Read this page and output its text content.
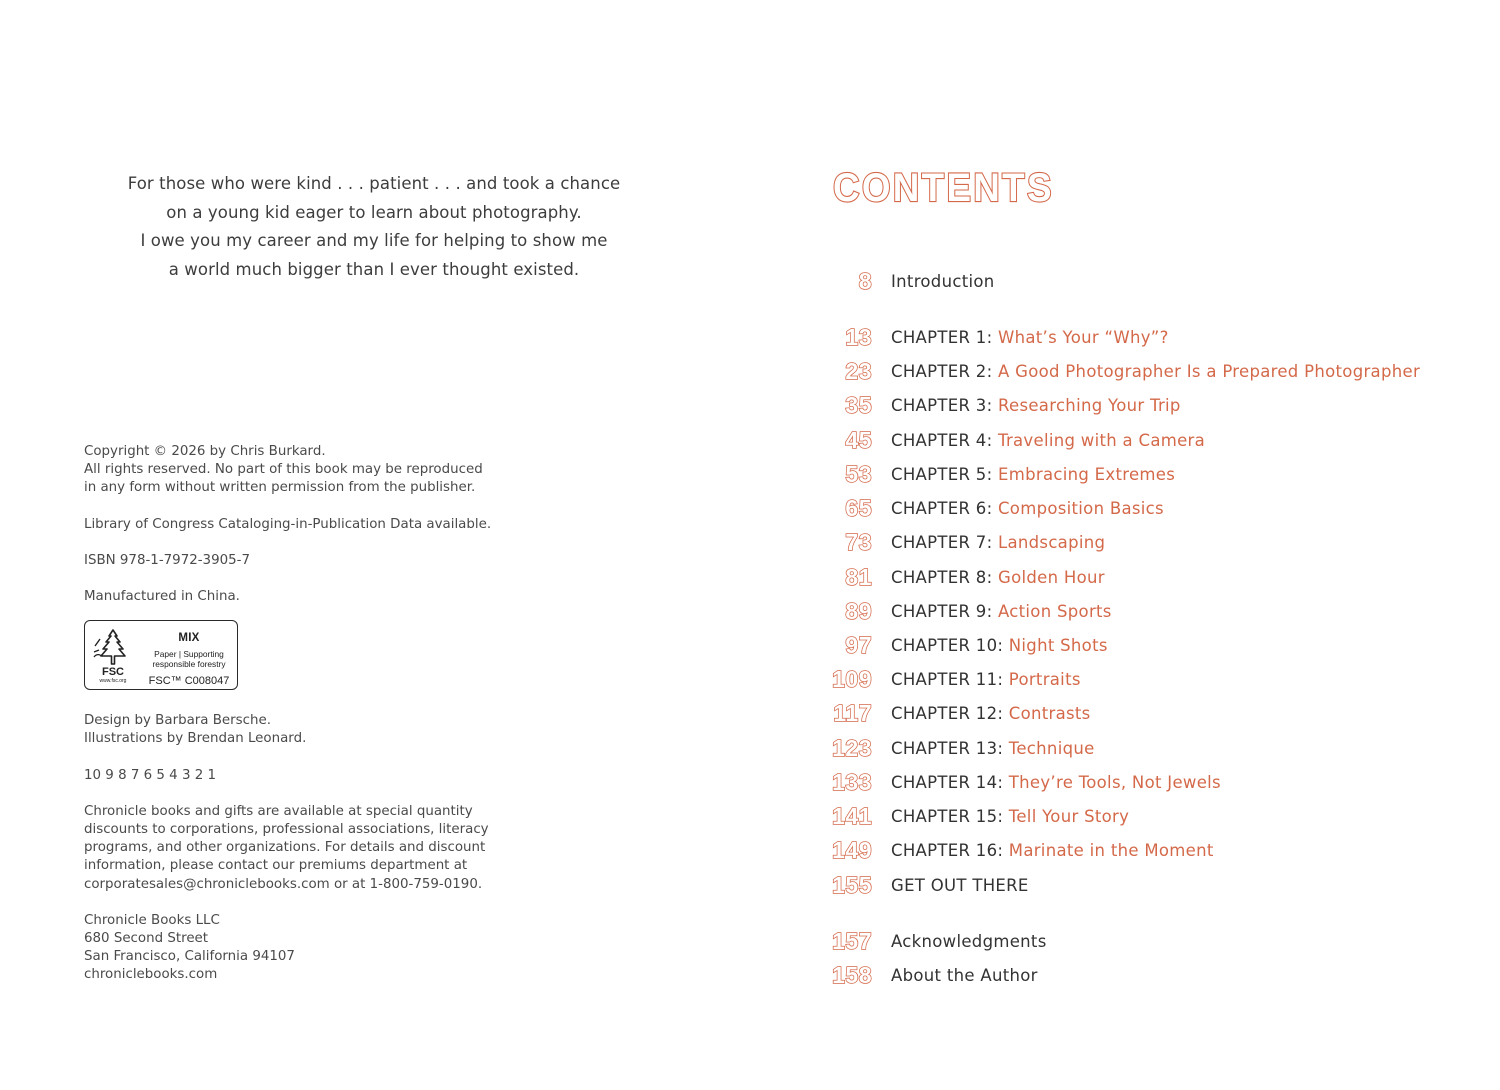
For those who were kind . . . patient . . . and took a chance
on a young kid eager to learn about photography.
I owe you my career and my life for helping to show me
a world much bigger than I ever thought existed.
Copyright © 2026 by Chris Burkard.
All rights reserved. No part of this book may be reproduced
in any form without written permission from the publisher.
Library of Congress Cataloging-in-Publication Data available.
ISBN 978-1-7972-3905-7
Manufactured in China.
FSC
www.fsc.org
MIX
Paper | Supporting
responsible forestry
FSC™ C008047
Design by Barbara Bersche.
Illustrations by Brendan Leonard.
10 9 8 7 6 5 4 3 2 1
Chronicle books and gifts are available at special quantity
discounts to corporations, professional associations, literacy
programs, and other organizations. For details and discount
information, please contact our premiums department at
corporatesales@chroniclebooks.com or at 1-800-759-0190.
Chronicle Books LLC
680 Second Street
San Francisco, California 94107
chroniclebooks.com
CONTENTS
8 Introduction
13 CHAPTER 1: What’s Your “Why”?
23 CHAPTER 2: A Good Photographer Is a Prepared Photographer
35 CHAPTER 3: Researching Your Trip
45 CHAPTER 4: Traveling with a Camera
53 CHAPTER 5: Embracing Extremes
65 CHAPTER 6: Composition Basics
73 CHAPTER 7: Landscaping
81 CHAPTER 8: Golden Hour
89 CHAPTER 9: Action Sports
97 CHAPTER 10: Night Shots
109 CHAPTER 11: Portraits
117 CHAPTER 12: Contrasts
123 CHAPTER 13: Technique
133 CHAPTER 14: They’re Tools, Not Jewels
141 CHAPTER 15: Tell Your Story
149 CHAPTER 16: Marinate in the Moment
155 GET OUT THERE
157 Acknowledgments
158 About the Author
